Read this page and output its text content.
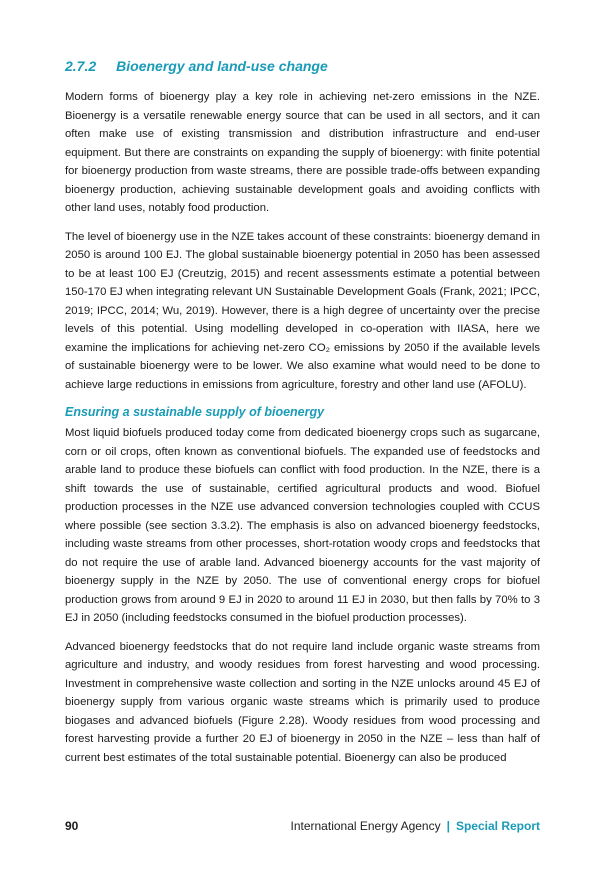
2.7.2 Bioenergy and land-use change

Modern forms of bioenergy play a key role in achieving net-zero emissions in the NZE. Bioenergy is a versatile renewable energy source that can be used in all sectors, and it can often make use of existing transmission and distribution infrastructure and end-user equipment. But there are constraints on expanding the supply of bioenergy: with finite potential for bioenergy production from waste streams, there are possible trade-offs between expanding bioenergy production, achieving sustainable development goals and avoiding conflicts with other land uses, notably food production.

The level of bioenergy use in the NZE takes account of these constraints: bioenergy demand in 2050 is around 100 EJ. The global sustainable bioenergy potential in 2050 has been assessed to be at least 100 EJ (Creutzig, 2015) and recent assessments estimate a potential between 150-170 EJ when integrating relevant UN Sustainable Development Goals (Frank, 2021; IPCC, 2019; IPCC, 2014; Wu, 2019). However, there is a high degree of uncertainty over the precise levels of this potential. Using modelling developed in co-operation with IIASA, here we examine the implications for achieving net-zero CO₂ emissions by 2050 if the available levels of sustainable bioenergy were to be lower. We also examine what would need to be done to achieve large reductions in emissions from agriculture, forestry and other land use (AFOLU).

Ensuring a sustainable supply of bioenergy

Most liquid biofuels produced today come from dedicated bioenergy crops such as sugarcane, corn or oil crops, often known as conventional biofuels. The expanded use of feedstocks and arable land to produce these biofuels can conflict with food production. In the NZE, there is a shift towards the use of sustainable, certified agricultural products and wood. Biofuel production processes in the NZE use advanced conversion technologies coupled with CCUS where possible (see section 3.3.2). The emphasis is also on advanced bioenergy feedstocks, including waste streams from other processes, short-rotation woody crops and feedstocks that do not require the use of arable land. Advanced bioenergy accounts for the vast majority of bioenergy supply in the NZE by 2050. The use of conventional energy crops for biofuel production grows from around 9 EJ in 2020 to around 11 EJ in 2030, but then falls by 70% to 3 EJ in 2050 (including feedstocks consumed in the biofuel production processes).

Advanced bioenergy feedstocks that do not require land include organic waste streams from agriculture and industry, and woody residues from forest harvesting and wood processing. Investment in comprehensive waste collection and sorting in the NZE unlocks around 45 EJ of bioenergy supply from various organic waste streams which is primarily used to produce biogases and advanced biofuels (Figure 2.28). Woody residues from wood processing and forest harvesting provide a further 20 EJ of bioenergy in 2050 in the NZE – less than half of current best estimates of the total sustainable potential. Bioenergy can also be produced

90	International Energy Agency | Special Report
